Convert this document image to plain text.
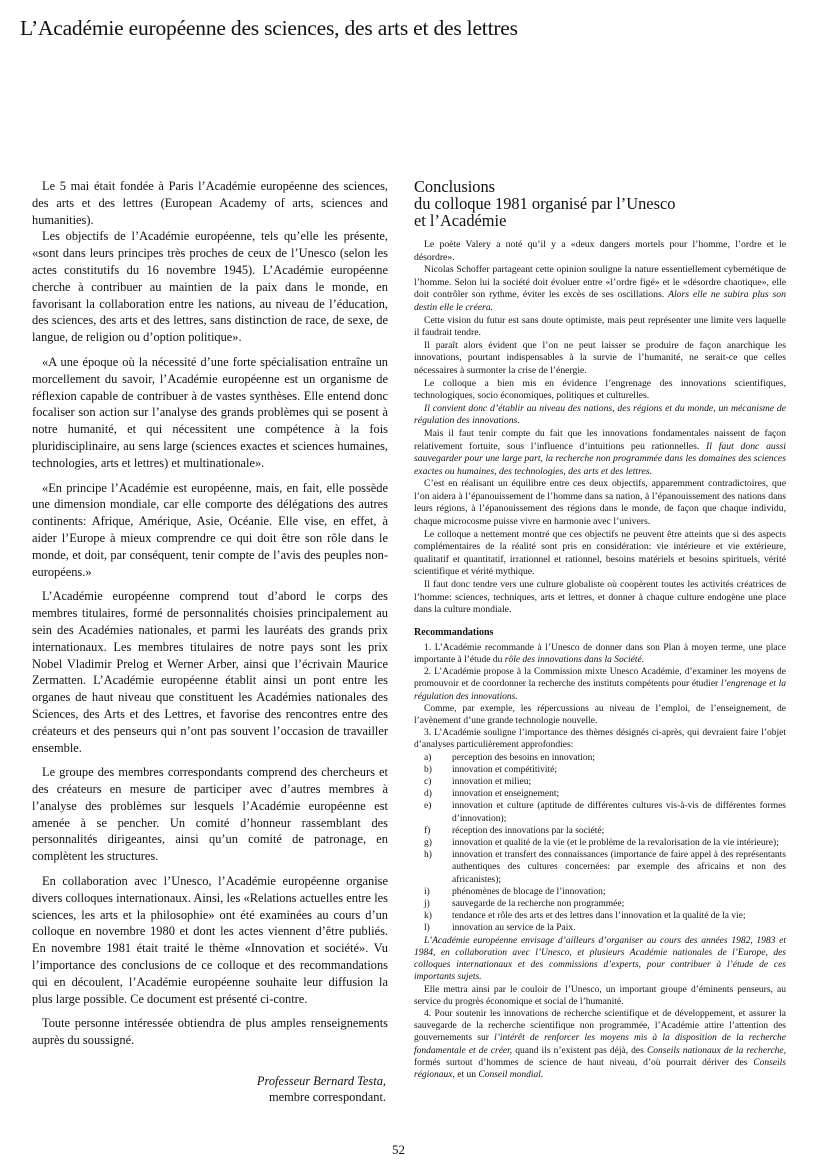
L’Académie européenne des sciences, des arts et des lettres

Le 5 mai était fondée à Paris l’Académie européenne des sciences, des arts et des lettres (European Academy of arts, sciences and humanities).

Les objectifs de l’Académie européenne, tels qu’elle les présente, «sont dans leurs principes très proches de ceux de l’Unesco (selon les actes constitutifs du 16 novembre 1945). L’Académie européenne cherche à contribuer au maintien de la paix dans le monde, en favorisant la collaboration entre les nations, au niveau de l’éducation, des sciences, des arts et des lettres, sans distinction de race, de sexe, de langue, de religion ou d’option politique».

«A une époque où la nécessité d’une forte spécialisation entraîne un morcellement du savoir, l’Académie européenne est un organisme de réflexion capable de contribuer à de vastes synthèses. Elle entend donc focaliser son action sur l’analyse des grands problèmes qui se posent à notre humanité, et qui nécessitent une compétence à la fois pluridisciplinaire, au sens large (sciences exactes et sciences humaines, technologies, arts et lettres) et multinationale».

«En principe l’Académie est européenne, mais, en fait, elle possède une dimension mondiale, car elle comporte des délégations des autres continents: Afrique, Amérique, Asie, Océanie. Elle vise, en effet, à aider l’Europe à mieux comprendre ce qui doit être son rôle dans le monde, et doit, par conséquent, tenir compte de l’avis des peuples non-européens.»

L’Académie européenne comprend tout d’abord le corps des membres titulaires, formé de personnalités choisies principalement au sein des Académies nationales, et parmi les lauréats des grands prix internationaux. Les membres titulaires de notre pays sont les prix Nobel Vladimir Prelog et Werner Arber, ainsi que l’écrivain Maurice Zermatten. L’Académie européenne établit ainsi un pont entre les organes de haut niveau que constituent les Académies nationales des Sciences, des Arts et des Lettres, et favorise des rencontres entre des créateurs et des penseurs qui n’ont pas souvent l’occasion de travailler ensemble.

Le groupe des membres correspondants comprend des chercheurs et des créateurs en mesure de participer avec d’autres membres à l’analyse des problèmes sur lesquels l’Académie européenne est amenée à se pencher. Un comité d’honneur rassemblant des personnalités dirigeantes, ainsi qu’un comité de patronage, en complètent les structures.

En collaboration avec l’Unesco, l’Académie européenne organise divers colloques internationaux. Ainsi, les «Relations actuelles entre les sciences, les arts et la philosophie» ont été examinées au cours d’un colloque en novembre 1980 et dont les actes viennent d’être publiés. En novembre 1981 était traité le thème «Innovation et société». Vu l’importance des conclusions de ce colloque et des recommandations qui en découlent, l’Académie européenne souhaite leur diffusion la plus large possible. Ce document est présenté ci-contre.

Toute personne intéressée obtiendra de plus amples renseignements auprès du soussigné.

Professeur Bernard Testa,
membre correspondant.
Conclusions
du colloque 1981 organisé par l’Unesco
et l’Académie

Le poète Valery a noté qu’il y a «deux dangers mortels pour l’homme, l’ordre et le désordre».

Nicolas Schoffer partageant cette opinion souligne la nature essentiellement cybernétique de l’homme. Selon lui la société doit évoluer entre «l’ordre figé» et le «désordre chaotique», elle doit contrôler son rythme, éviter les excès de ses oscillations. Alors elle ne subira plus son destin elle le créera.

Cette vision du futur est sans doute optimiste, mais peut représenter une limite vers laquelle il faudrait tendre.

Il paraît alors évident que l’on ne peut laisser se produire de façon anarchique les innovations, pourtant indispensables à la survie de l’humanité, ne serait-ce que celles nécessaires à surmonter la crise de l’énergie.

Le colloque a bien mis en évidence l’engrenage des innovations scientifiques, technologiques, socio économiques, politiques et culturelles.

Il convient donc d’établir au niveau des nations, des régions et du monde, un mécanisme de régulation des innovations.

Mais il faut tenir compte du fait que les innovations fondamentales naissent de façon relativement fortuite, sous l’influence d’intuitions peu rationnelles. Il faut donc aussi sauvegarder pour une large part, la recherche non programmée dans les domaines des sciences exactes ou humaines, des technologies, des arts et des lettres.

C’est en réalisant un équilibre entre ces deux objectifs, apparemment contradictoires, que l’on aidera à l’épanouissement de l’homme dans sa nation, à l’épanouissement des nations dans leurs régions, à l’épanouissement des régions dans le monde, de façon que chaque individu, chaque microcosme puisse vivre en harmonie avec l’univers.

Le colloque a nettement montré que ces objectifs ne peuvent être atteints que si des aspects complémentaires de la réalité sont pris en considération: vie intérieure et vie extérieure, qualitatif et quantitatif, irrationnel et rationnel, besoins matériels et besoins spirituels, vérité scientifique et vérité mythique.

Il faut donc tendre vers une culture globaliste où coopèrent toutes les activités créatrices de l’homme: sciences, techniques, arts et lettres, et donner à chaque culture endogène une place dans la culture mondiale.

Recommandations

1. L’Académie recommande à l’Unesco de donner dans son Plan à moyen terme, une place importante à l’étude du rôle des innovations dans la Société.

2. L’Académie propose à la Commission mixte Unesco Académie, d’examiner les moyens de promouvoir et de coordonner la recherche des instituts compétents pour étudier l’engrenage et la régulation des innovations.

Comme, par exemple, les répercussions au niveau de l’emploi, de l’enseignement, de l’avènement d’une grande technologie nouvelle.

3. L’Académie souligne l’importance des thèmes désignés ci-après, qui devraient faire l’objet d’analyses particulièrement approfondies:

a)	perception des besoins en innovation;
b)	innovation et compétitivité;
c)	innovation et milieu;
d)	innovation et enseignement;
e)	innovation et culture (aptitude de différentes cultures vis-à-vis de différentes formes d’innovation);
f)	réception des innovations par la société;
g)	innovation et qualité de la vie (et le problème de la revalorisation de la vie intérieure);
h)	innovation et transfert des connaissances (importance de faire appel à des représentants authentiques des cultures concernées: par exemple des africains et non des africanistes);
i)	phénomènes de blocage de l’innovation;
j)	sauvegarde de la recherche non programmée;
k)	tendance et rôle des arts et des lettres dans l’innovation et la qualité de la vie;
l)	innovation au service de la Paix.

L’Académie européenne envisage d’ailleurs d’organiser au cours des années 1982, 1983 et 1984, en collaboration avec l’Unesco, et plusieurs Académie nationales de l’Europe, des colloques internationaux et des commissions d’experts, pour contribuer à l’étude de ces importants sujets.

Elle mettra ainsi par le couloir de l’Unesco, un important groupe d’éminents penseurs, au service du progrès économique et social de l’humanité.

4. Pour soutenir les innovations de recherche scientifique et de développement, et assurer la sauvegarde de la recherche scientifique non programmée, l’Académie attire l’attention des gouvernements sur l’intérêt de renforcer les moyens mis à la disposition de la recherche fondamentale et de créer, quand ils n’existent pas déjà, des Conseils nationaux de la recherche, formés surtout d’hommes de science de haut niveau, d’où pourrait dériver des Conseils régionaux, et un Conseil mondial.

52
